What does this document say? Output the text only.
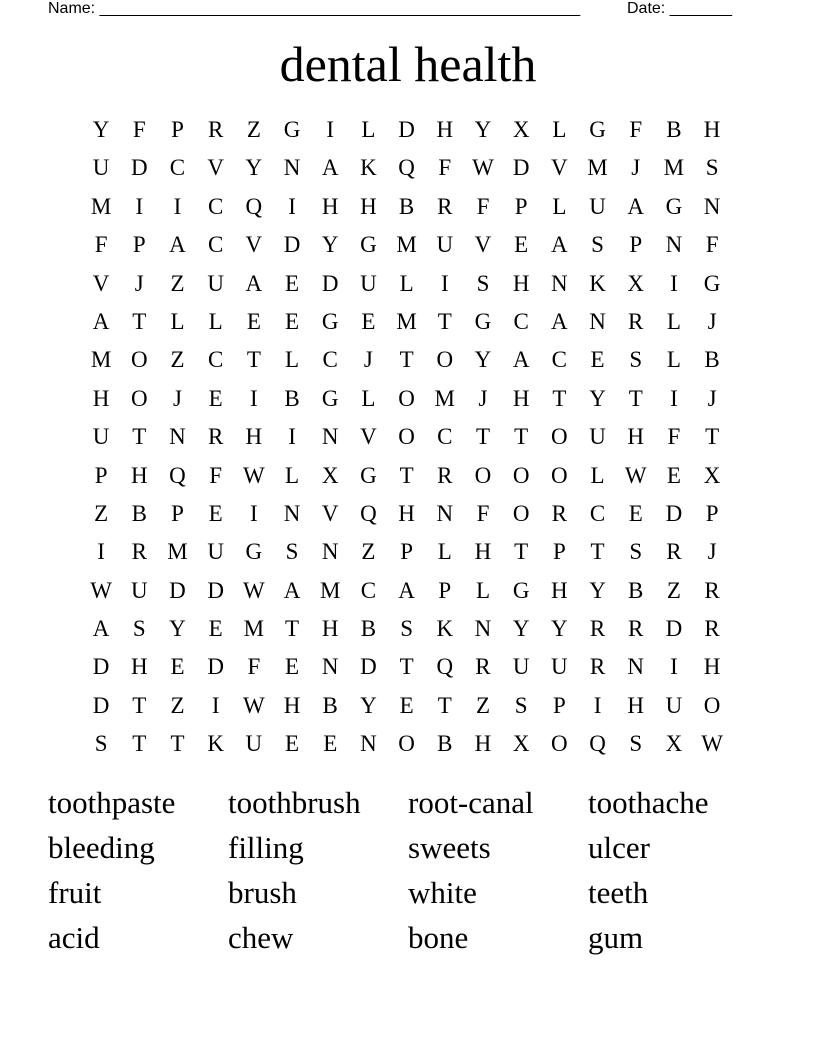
Name: ______________________________________________________	Date: _______
dental health
Y	F	P	R	Z G	I	L D H Y X L G	F	B H
U D C V Y N A K Q	F W D V M	J	M S
M	I	I	C Q	I	H H B R	F	P	L U A G N
F	P	A C V D Y G M U V E A	S	P	N	F
V	J	Z U A E D U L	I	S	H N K X	I	G
A T	L	L	E	E G E M T G C A N R	L	J
M O Z	C	T	L	C	J	T O Y A C	E	S	L	B
H O	J	E	I	B G L O M	J	H T Y T	I	J
U T N R H	I	N V O C	T	T O U H	F	T
P	H Q	F W L X G T	R O O O L W E X
Z	B	P	E	I	N V Q H N	F	O R C	E D	P
I	R M U G	S	N Z	P	L H T	P	T	S	R	J
W U D D W A M C A	P	L G H Y B	Z	R
A	S	Y E M T H B	S	K N Y Y R R D R
D H E D	F	E N D T Q R U U R N	I	H
D T	Z	I	W H B Y E	T	Z	S	P	I	H U O
S	T	T K U E	E N O B H X O Q	S	X W
toothpaste	toothbrush	root-canal	toothache
bleeding	filling	sweets	ulcer
fruit	brush	white	teeth
acid	chew	bone	gum
